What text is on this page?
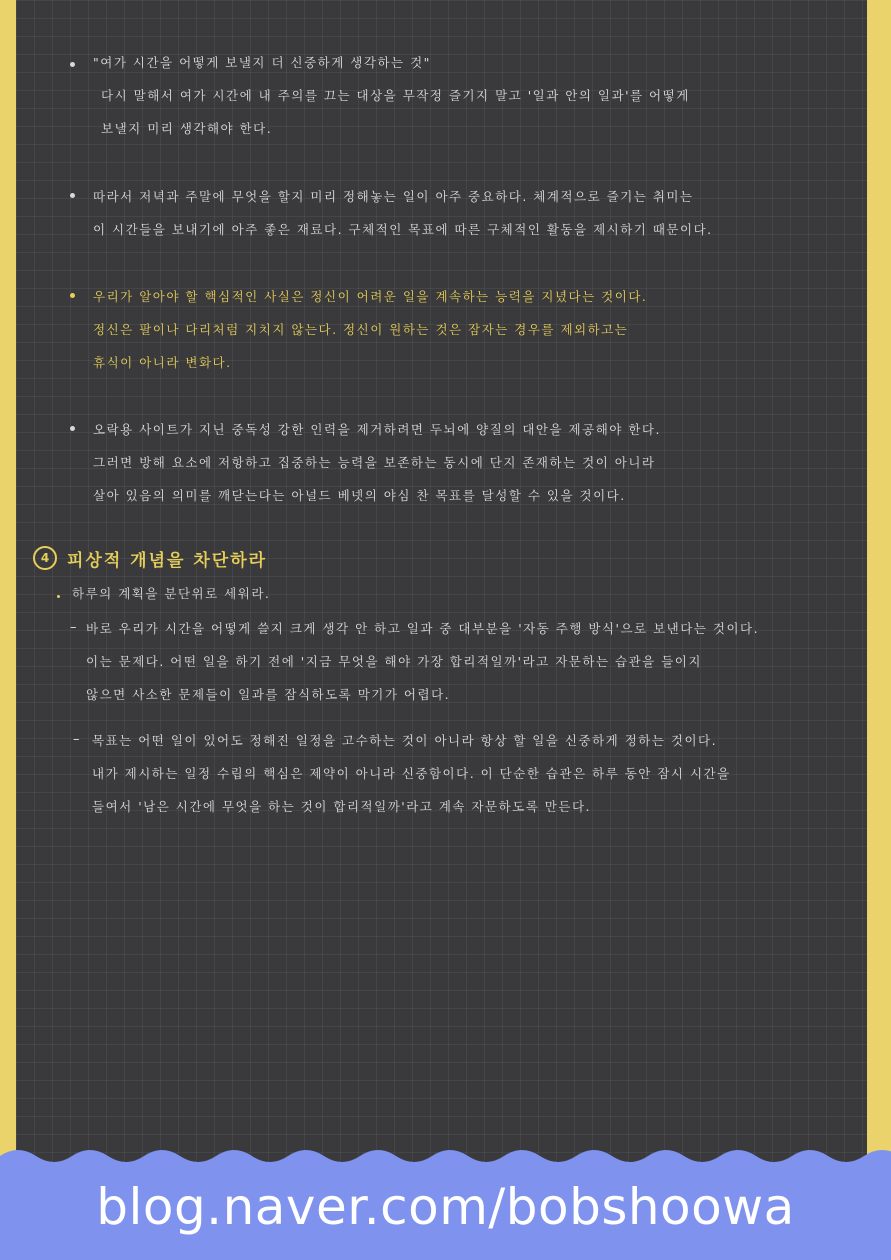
"여가 시간을 어떻게 보낼지 더 신중하게 생각하는 것"
다시 말해서 여가 시간에 내 주의를 끄는 대상을 무작정 즐기지 말고 '일과 안의 일과'를 어떻게
보낼지 미리 생각해야 한다.
따라서 저녁과 주말에 무엇을 할지 미리 정해놓는 일이 아주 중요하다. 체계적으로 즐기는 취미는
이 시간들을 보내기에 아주 좋은 재료다. 구체적인 목표에 따른 구체적인 활동을 제시하기 때문이다.
우리가 알아야 할 핵심적인 사실은 정신이 어려운 일을 계속하는 능력을 지녔다는 것이다.
정신은 팔이나 다리처럼 지치지 않는다. 정신이 원하는 것은 잠자는 경우를 제외하고는
휴식이 아니라 변화다.
오락용 사이트가 지닌 중독성 강한 인력을 제거하려면 두뇌에 양질의 대안을 제공해야 한다.
그러면 방해 요소에 저항하고 집중하는 능력을 보존하는 동시에 단지 존재하는 것이 아니라
살아 있음의 의미를 깨닫는다는 아널드 베넷의 야심 찬 목표를 달성할 수 있을 것이다.
4	피상적 개념을 차단하라
하루의 계획을 분단위로 세워라.
– 바로 우리가 시간을 어떻게 쓸지 크게 생각 안 하고 일과 중 대부분을 '자동 주행 방식'으로 보낸다는 것이다.
이는 문제다. 어떤 일을 하기 전에 '지금 무엇을 해야 가장 합리적일까'라고 자문하는 습관을 들이지
않으면 사소한 문제들이 일과를 잠식하도록 막기가 어렵다.
– 목표는 어떤 일이 있어도 정해진 일정을 고수하는 것이 아니라 항상 할 일을 신중하게 정하는 것이다.
내가 제시하는 일정 수립의 핵심은 제약이 아니라 신중함이다. 이 단순한 습관은 하루 동안 잠시 시간을
들여서 '남은 시간에 무엇을 하는 것이 합리적일까'라고 계속 자문하도록 만든다.
blog.naver.com/bobshoowa
